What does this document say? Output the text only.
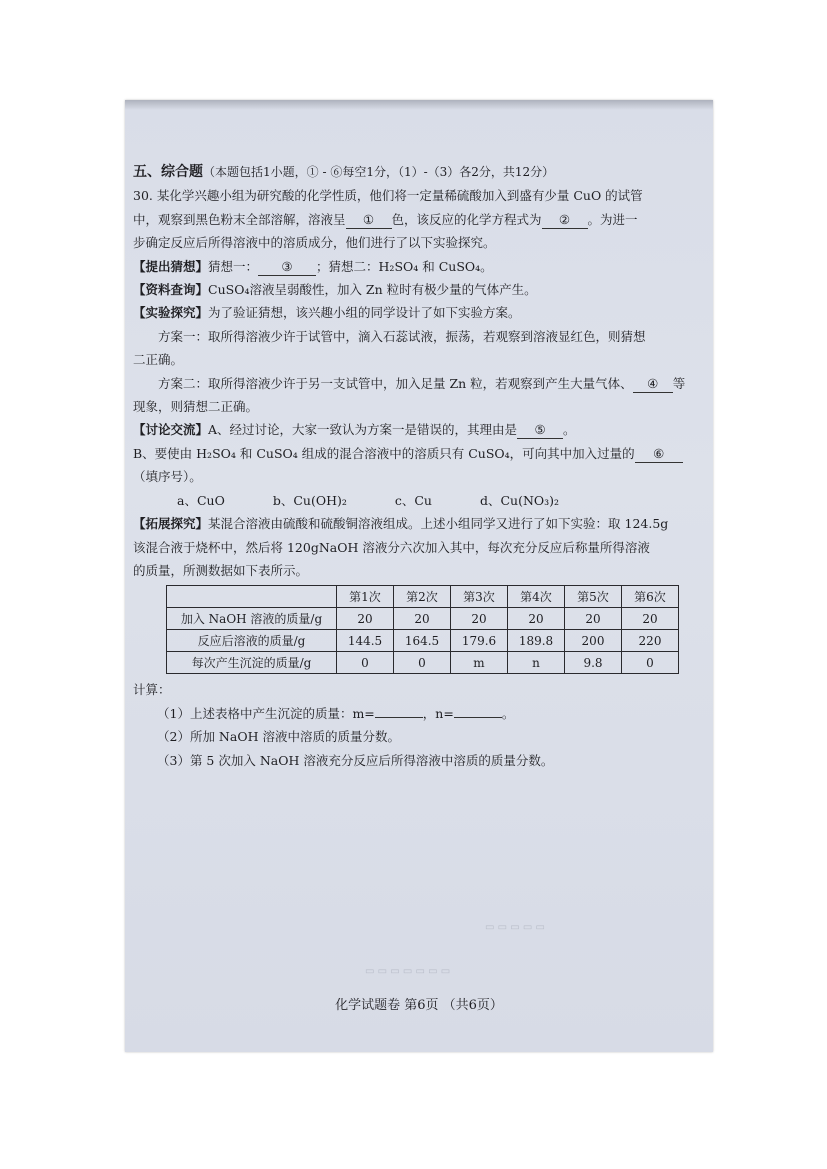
五、综合题（本题包括1小题，① - ⑥每空1分，（1）-（3）各2分，共12分）
30. 某化学兴趣小组为研究酸的化学性质，他们将一定量稀硫酸加入到盛有少量 CuO 的试管
中，观察到黑色粉末全部溶解，溶液呈 ① 色，该反应的化学方程式为 ② 。为进一
步确定反应后所得溶液中的溶质成分，他们进行了以下实验探究。
【提出猜想】猜想一： ③ ；猜想二：H₂SO₄ 和 CuSO₄。
【资料查询】CuSO₄溶液呈弱酸性，加入 Zn 粒时有极少量的气体产生。
【实验探究】为了验证猜想，该兴趣小组的同学设计了如下实验方案。
方案一：取所得溶液少许于试管中，滴入石蕊试液，振荡，若观察到溶液显红色，则猜想
二正确。
方案二：取所得溶液少许于另一支试管中，加入足量 Zn 粒，若观察到产生大量气体、 ④ 等
现象，则猜想二正确。
【讨论交流】A、经过讨论，大家一致认为方案一是错误的，其理由是 ⑤ 。
B、要使由 H₂SO₄ 和 CuSO₄ 组成的混合溶液中的溶质只有 CuSO₄，可向其中加入过量的 ⑥
（填序号）。
a、CuO	b、Cu(OH)₂	c、Cu	d、Cu(NO₃)₂
【拓展探究】某混合溶液由硫酸和硫酸铜溶液组成。上述小组同学又进行了如下实验：取 124.5g
该混合液于烧杯中，然后将 120gNaOH 溶液分六次加入其中，每次充分反应后称量所得溶液
的质量，所测数据如下表所示。
	第1次	第2次	第3次	第4次	第5次	第6次
加入 NaOH 溶液的质量/g	20	20	20	20	20	20
反应后溶液的质量/g	144.5	164.5	179.6	189.8	200	220
每次产生沉淀的质量/g	0	0	m	n	9.8	0
计算：
（1）上述表格中产生沉淀的质量：m=	，n=	。
（2）所加 NaOH 溶液中溶质的质量分数。
（3）第 5 次加入 NaOH 溶液充分反应后所得溶液中溶质的质量分数。
▭ ▭ ▭ ▭ ▭
▭ ▭ ▭ ▭ ▭ ▭ ▭
化学试题卷 第6页 （共6页）
